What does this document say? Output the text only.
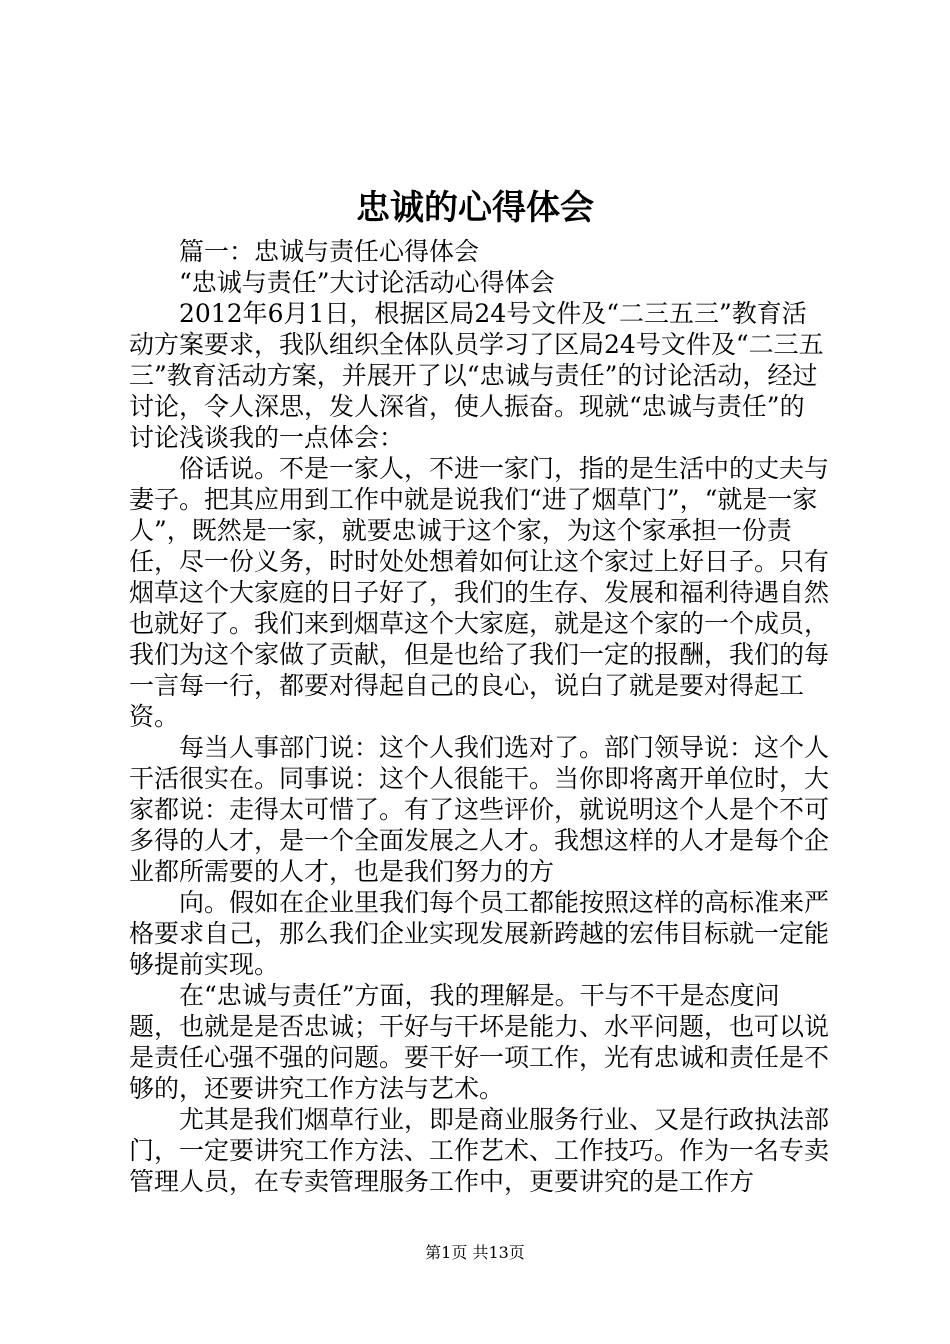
忠诚的心得体会

篇一：忠诚与责任心得体会

“忠诚与责任”大讨论活动心得体会

2012年6月1日，根据区局24号文件及“二三五三”教育活动方案要求，我队组织全体队员学习了区局24号文件及“二三五三”教育活动方案，并展开了以“忠诚与责任”的讨论活动，经过讨论，令人深思，发人深省，使人振奋。现就“忠诚与责任”的讨论浅谈我的一点体会：

俗话说。不是一家人，不进一家门，指的是生活中的丈夫与妻子。把其应用到工作中就是说我们“进了烟草门”，“就是一家人”，既然是一家，就要忠诚于这个家，为这个家承担一份责任，尽一份义务，时时处处想着如何让这个家过上好日子。只有烟草这个大家庭的日子好了，我们的生存、发展和福利待遇自然也就好了。我们来到烟草这个大家庭，就是这个家的一个成员，我们为这个家做了贡献，但是也给了我们一定的报酬，我们的每一言每一行，都要对得起自己的良心，说白了就是要对得起工资。

每当人事部门说：这个人我们选对了。部门领导说：这个人干活很实在。同事说：这个人很能干。当你即将离开单位时，大家都说：走得太可惜了。有了这些评价，就说明这个人是个不可多得的人才，是一个全面发展之人才。我想这样的人才是每个企业都所需要的人才，也是我们努力的方

向。假如在企业里我们每个员工都能按照这样的高标准来严格要求自己，那么我们企业实现发展新跨越的宏伟目标就一定能够提前实现。

在“忠诚与责任”方面，我的理解是。干与不干是态度问题，也就是是否忠诚；干好与干坏是能力、水平问题，也可以说是责任心强不强的问题。要干好一项工作，光有忠诚和责任是不够的，还要讲究工作方法与艺术。

尤其是我们烟草行业，即是商业服务行业、又是行政执法部门，一定要讲究工作方法、工作艺术、工作技巧。作为一名专卖管理人员，在专卖管理服务工作中，更要讲究的是工作方

第1页 共13页
